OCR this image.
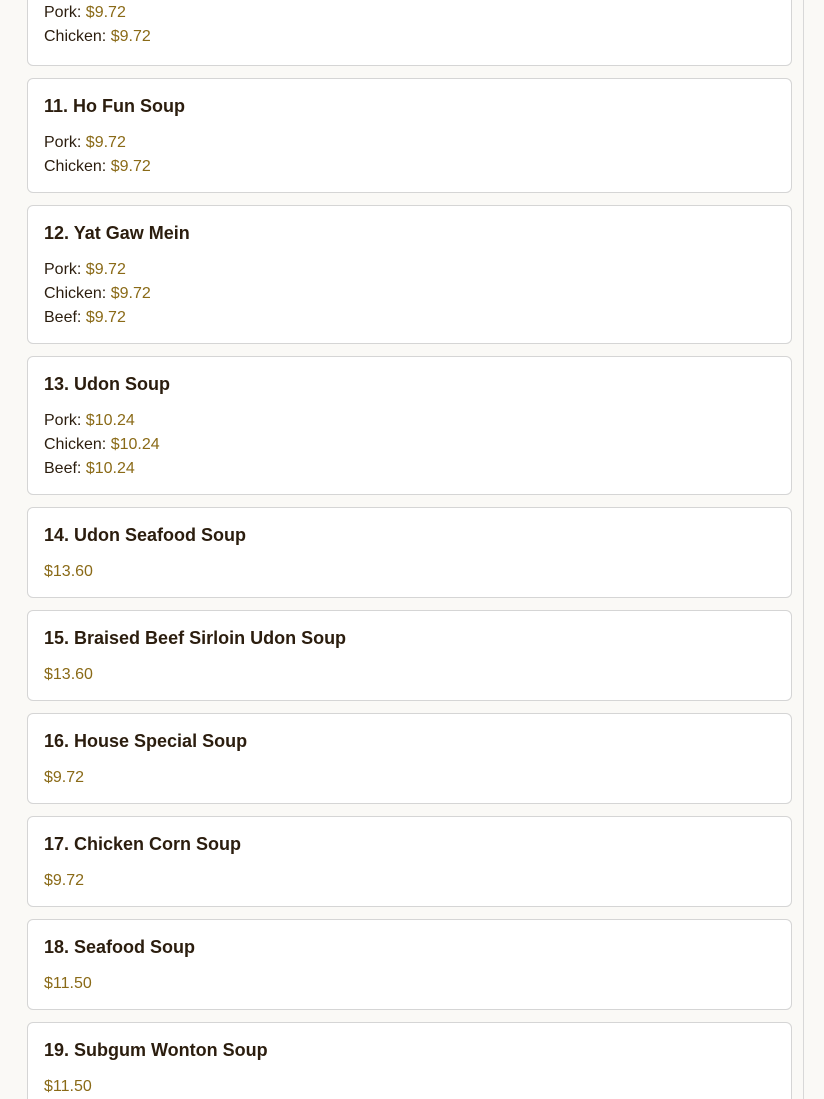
Pork: $9.72
Chicken: $9.72
11. Ho Fun Soup
Pork: $9.72
Chicken: $9.72
12. Yat Gaw Mein
Pork: $9.72
Chicken: $9.72
Beef: $9.72
13. Udon Soup
Pork: $10.24
Chicken: $10.24
Beef: $10.24
14. Udon Seafood Soup
$13.60
15. Braised Beef Sirloin Udon Soup
$13.60
16. House Special Soup
$9.72
17. Chicken Corn Soup
$9.72
18. Seafood Soup
$11.50
19. Subgum Wonton Soup
$11.50
